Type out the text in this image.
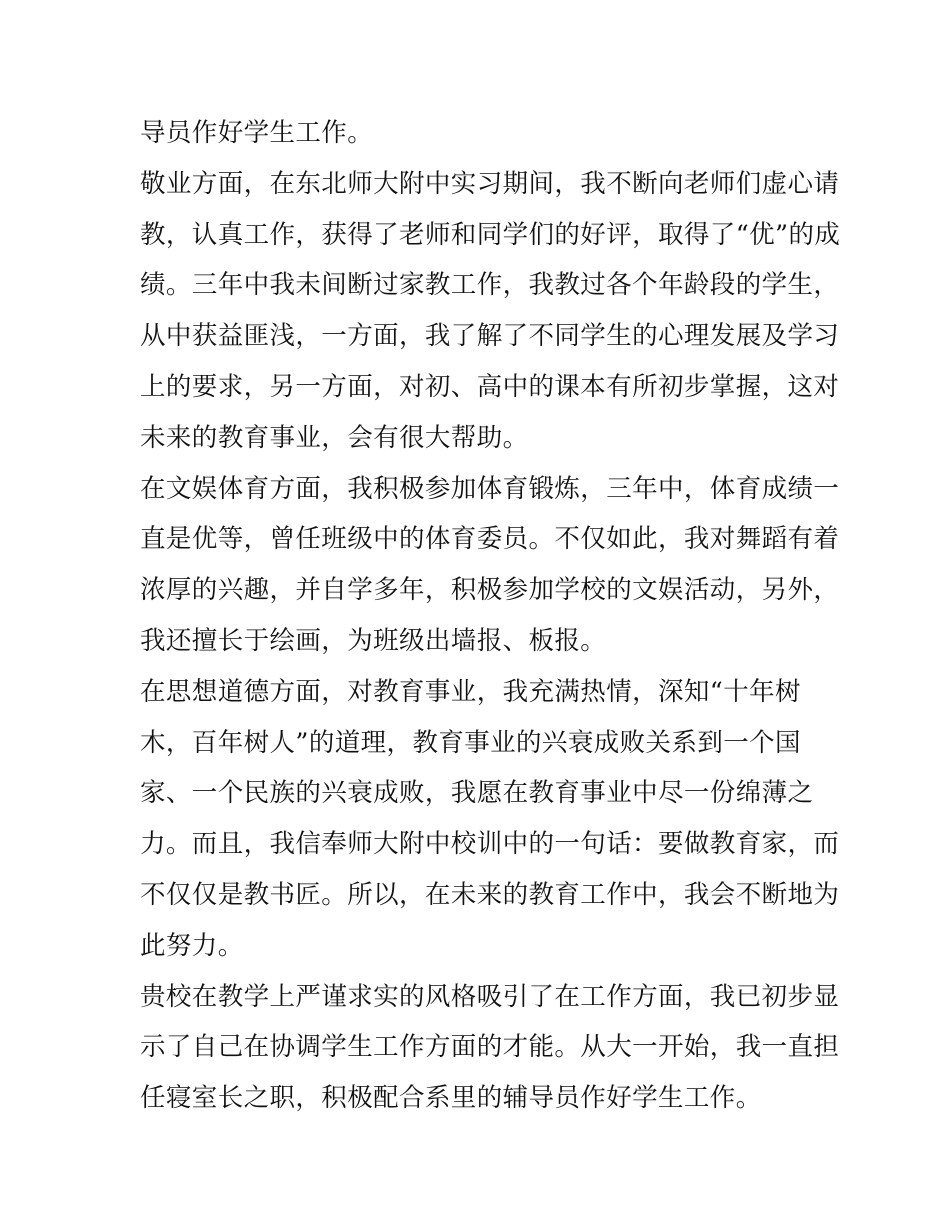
导员作好学生工作。
敬业方面，在东北师大附中实习期间，我不断向老师们虚心请
教，认真工作，获得了老师和同学们的好评，取得了“优”的成
绩。三年中我未间断过家教工作，我教过各个年龄段的学生，
从中获益匪浅，一方面，我了解了不同学生的心理发展及学习
上的要求，另一方面，对初、高中的课本有所初步掌握，这对
未来的教育事业，会有很大帮助。
在文娱体育方面，我积极参加体育锻炼，三年中，体育成绩一
直是优等，曾任班级中的体育委员。不仅如此，我对舞蹈有着
浓厚的兴趣，并自学多年，积极参加学校的文娱活动，另外，
我还擅长于绘画，为班级出墙报、板报。
在思想道德方面，对教育事业，我充满热情，深知“十年树
木，百年树人”的道理，教育事业的兴衰成败关系到一个国
家、一个民族的兴衰成败，我愿在教育事业中尽一份绵薄之
力。而且，我信奉师大附中校训中的一句话：要做教育家，而
不仅仅是教书匠。所以，在未来的教育工作中，我会不断地为
此努力。
贵校在教学上严谨求实的风格吸引了在工作方面，我已初步显
示了自己在协调学生工作方面的才能。从大一开始，我一直担
任寝室长之职，积极配合系里的辅导员作好学生工作。
